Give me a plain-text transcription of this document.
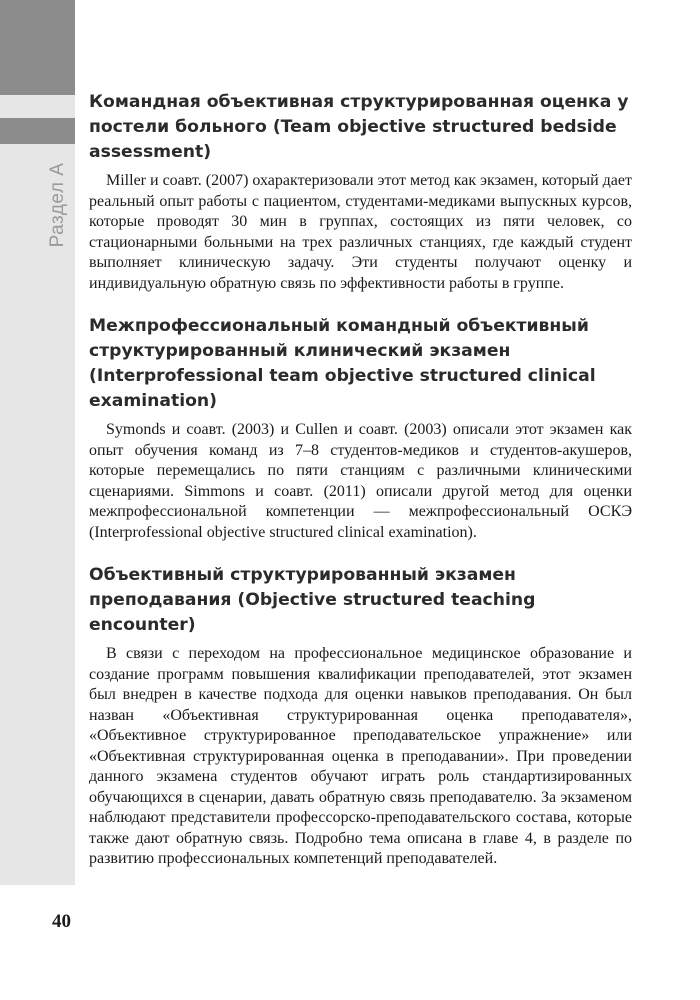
Раздел А
Командная объективная структурированная оценка у постели больного (Team objective structured bedside assessment)

Miller и соавт. (2007) охарактеризовали этот метод как экзамен, который дает реальный опыт работы с пациентом, студентами-медиками выпускных курсов, которые проводят 30 мин в группах, состоящих из пяти человек, со стационарными больными на трех различных станциях, где каждый студент выполняет клиническую задачу. Эти студенты получают оценку и индивидуальную обратную связь по эффективности работы в группе.

Межпрофессиональный командный объективный структурированный клинический экзамен (Interprofessional team objective structured clinical examination)

Symonds и соавт. (2003) и Cullen и соавт. (2003) описали этот экзамен как опыт обучения команд из 7–8 студентов-медиков и студентов-акушеров, которые перемещались по пяти станциям с различными клиническими сценариями. Simmons и соавт. (2011) описали другой метод для оценки межпрофессиональной компетенции — межпрофессиональный ОСКЭ (Interprofessional objective structured clinical examination).

Объективный структурированный экзамен преподавания (Objective structured teaching encounter)

В связи с переходом на профессиональное медицинское образование и создание программ повышения квалификации преподавателей, этот экзамен был внедрен в качестве подхода для оценки навыков преподавания. Он был назван «Объективная структурированная оценка преподавателя», «Объективное структурированное преподавательское упражнение» или «Объективная структурированная оценка в преподавании». При проведении данного экзамена студентов обучают играть роль стандартизированных обучающихся в сценарии, давать обратную связь преподавателю. За экзаменом наблюдают представители профессорско-преподавательского состава, которые также дают обратную связь. Подробно тема описана в главе 4, в разделе по развитию профессиональных компетенций преподавателей.

40
